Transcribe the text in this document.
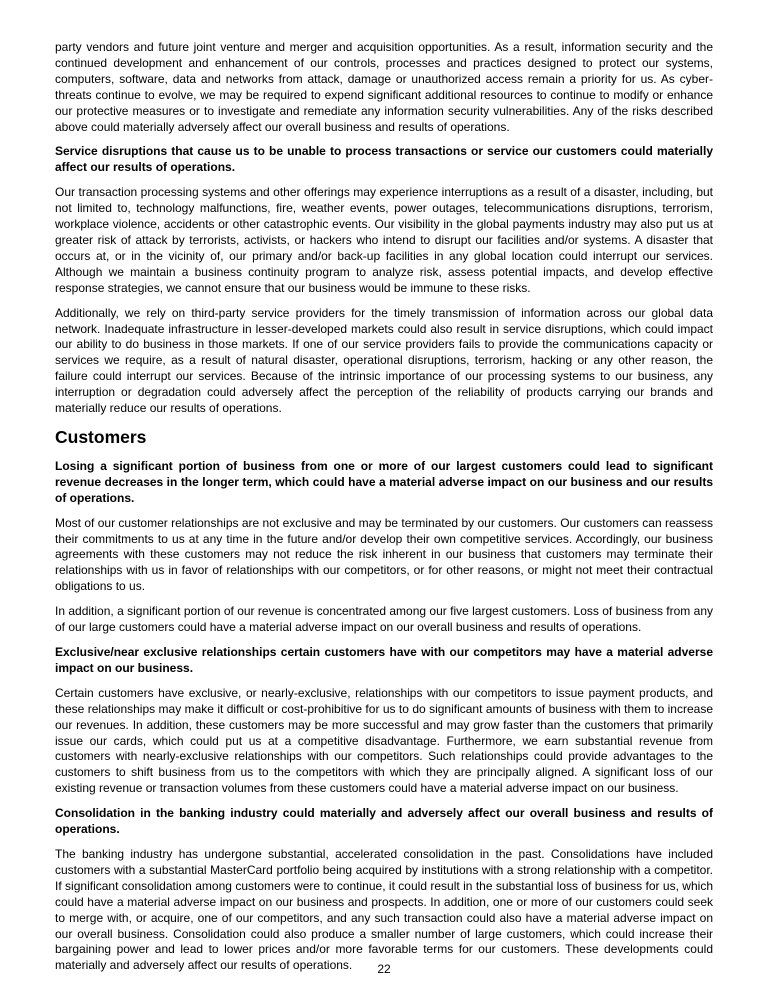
party vendors and future joint venture and merger and acquisition opportunities. As a result, information security and the continued development and enhancement of our controls, processes and practices designed to protect our systems, computers, software, data and networks from attack, damage or unauthorized access remain a priority for us. As cyber-threats continue to evolve, we may be required to expend significant additional resources to continue to modify or enhance our protective measures or to investigate and remediate any information security vulnerabilities. Any of the risks described above could materially adversely affect our overall business and results of operations.

Service disruptions that cause us to be unable to process transactions or service our customers could materially affect our results of operations.

Our transaction processing systems and other offerings may experience interruptions as a result of a disaster, including, but not limited to, technology malfunctions, fire, weather events, power outages, telecommunications disruptions, terrorism, workplace violence, accidents or other catastrophic events. Our visibility in the global payments industry may also put us at greater risk of attack by terrorists, activists, or hackers who intend to disrupt our facilities and/or systems. A disaster that occurs at, or in the vicinity of, our primary and/or back-up facilities in any global location could interrupt our services. Although we maintain a business continuity program to analyze risk, assess potential impacts, and develop effective response strategies, we cannot ensure that our business would be immune to these risks.

Additionally, we rely on third-party service providers for the timely transmission of information across our global data network. Inadequate infrastructure in lesser-developed markets could also result in service disruptions, which could impact our ability to do business in those markets. If one of our service providers fails to provide the communications capacity or services we require, as a result of natural disaster, operational disruptions, terrorism, hacking or any other reason, the failure could interrupt our services. Because of the intrinsic importance of our processing systems to our business, any interruption or degradation could adversely affect the perception of the reliability of products carrying our brands and materially reduce our results of operations.

Customers

Losing a significant portion of business from one or more of our largest customers could lead to significant revenue decreases in the longer term, which could have a material adverse impact on our business and our results of operations.

Most of our customer relationships are not exclusive and may be terminated by our customers. Our customers can reassess their commitments to us at any time in the future and/or develop their own competitive services. Accordingly, our business agreements with these customers may not reduce the risk inherent in our business that customers may terminate their relationships with us in favor of relationships with our competitors, or for other reasons, or might not meet their contractual obligations to us.

In addition, a significant portion of our revenue is concentrated among our five largest customers. Loss of business from any of our large customers could have a material adverse impact on our overall business and results of operations.

Exclusive/near exclusive relationships certain customers have with our competitors may have a material adverse impact on our business.

Certain customers have exclusive, or nearly-exclusive, relationships with our competitors to issue payment products, and these relationships may make it difficult or cost-prohibitive for us to do significant amounts of business with them to increase our revenues. In addition, these customers may be more successful and may grow faster than the customers that primarily issue our cards, which could put us at a competitive disadvantage. Furthermore, we earn substantial revenue from customers with nearly-exclusive relationships with our competitors. Such relationships could provide advantages to the customers to shift business from us to the competitors with which they are principally aligned. A significant loss of our existing revenue or transaction volumes from these customers could have a material adverse impact on our business.

Consolidation in the banking industry could materially and adversely affect our overall business and results of operations.

The banking industry has undergone substantial, accelerated consolidation in the past. Consolidations have included customers with a substantial MasterCard portfolio being acquired by institutions with a strong relationship with a competitor. If significant consolidation among customers were to continue, it could result in the substantial loss of business for us, which could have a material adverse impact on our business and prospects. In addition, one or more of our customers could seek to merge with, or acquire, one of our competitors, and any such transaction could also have a material adverse impact on our overall business. Consolidation could also produce a smaller number of large customers, which could increase their bargaining power and lead to lower prices and/or more favorable terms for our customers. These developments could materially and adversely affect our results of operations.	22
